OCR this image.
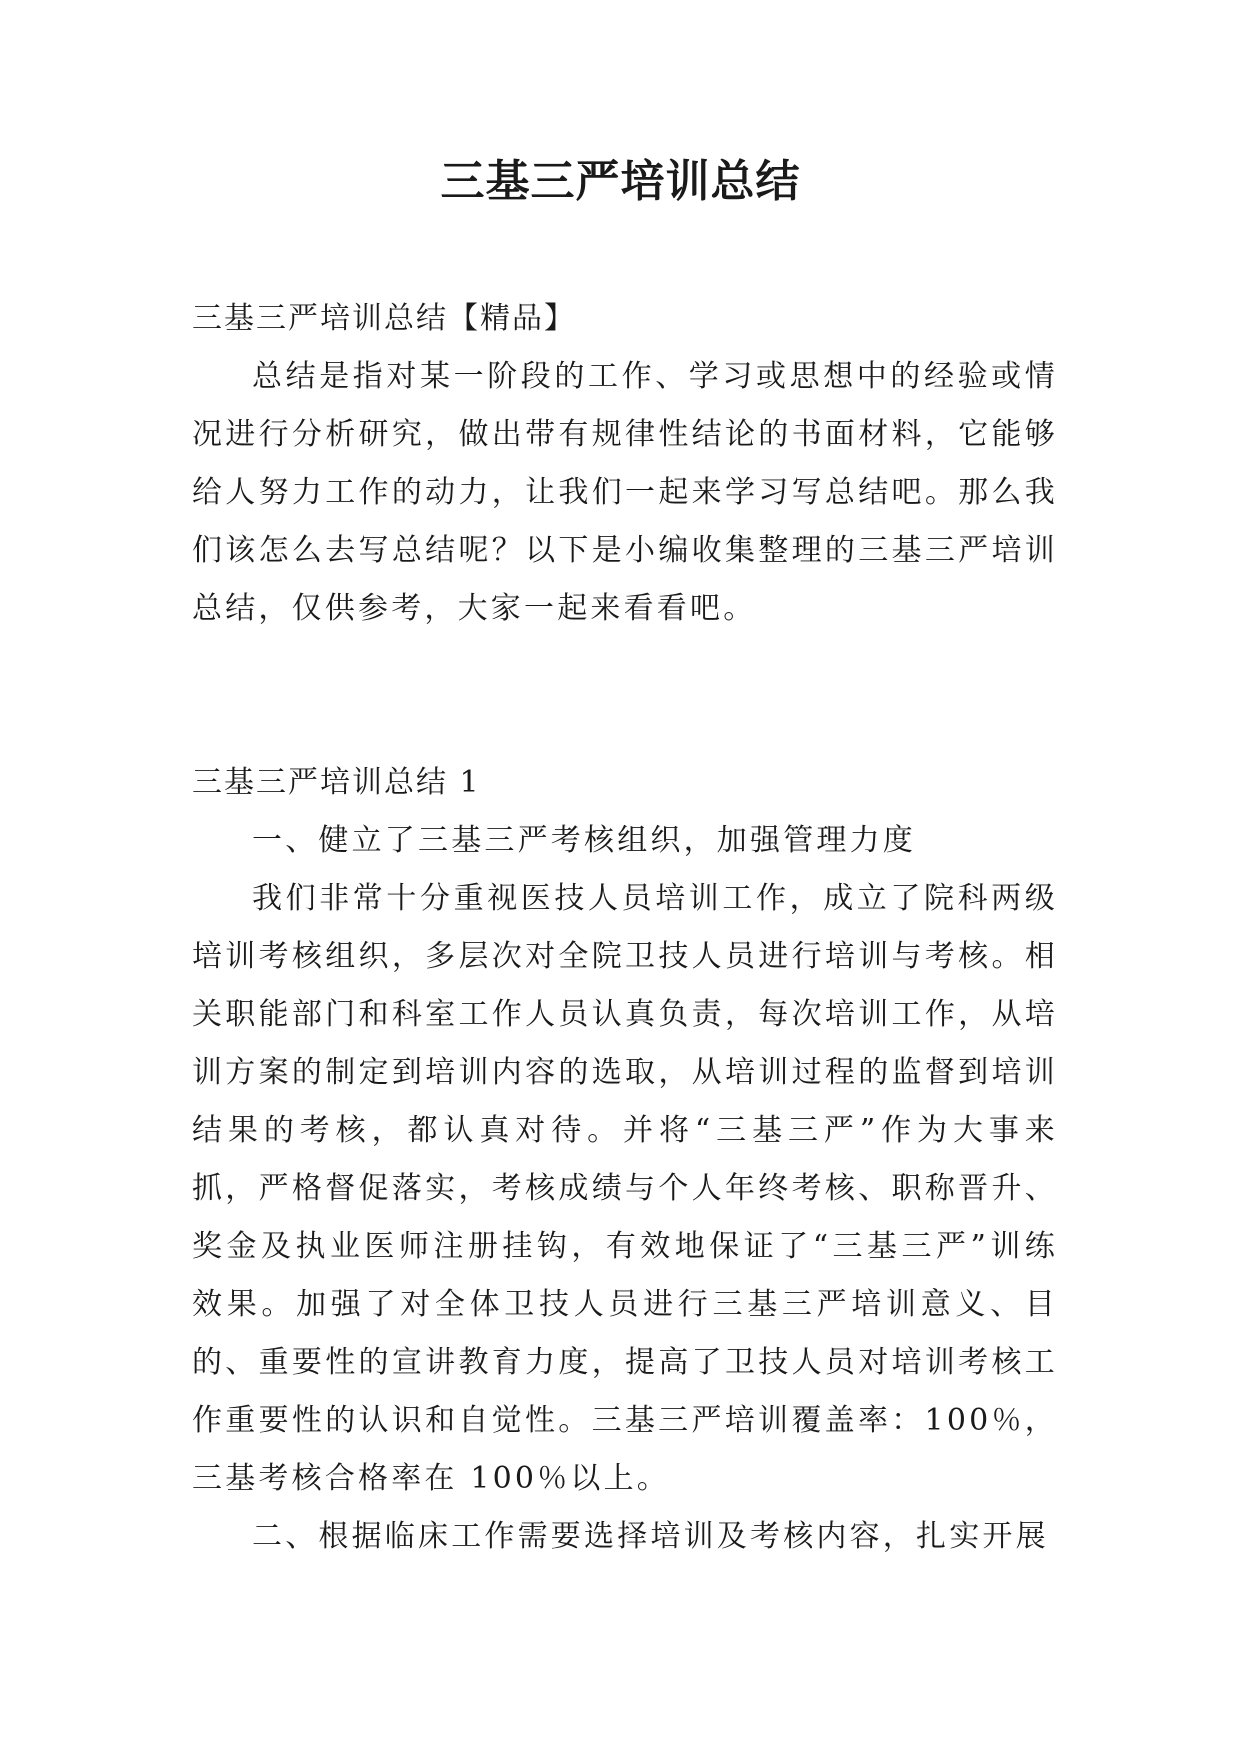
三基三严培训总结

三基三严培训总结【精品】

总结是指对某一阶段的工作、学习或思想中的经验或情况进行分析研究，做出带有规律性结论的书面材料，它能够给人努力工作的动力，让我们一起来学习写总结吧。那么我们该怎么去写总结呢？以下是小编收集整理的三基三严培训总结，仅供参考，大家一起来看看吧。

三基三严培训总结 1

一、健立了三基三严考核组织，加强管理力度

我们非常十分重视医技人员培训工作，成立了院科两级培训考核组织，多层次对全院卫技人员进行培训与考核。相关职能部门和科室工作人员认真负责，每次培训工作，从培训方案的制定到培训内容的选取，从培训过程的监督到培训结果的考核，都认真对待。并将“三基三严”作为大事来抓，严格督促落实，考核成绩与个人年终考核、职称晋升、奖金及执业医师注册挂钩，有效地保证了“三基三严”训练效果。加强了对全体卫技人员进行三基三严培训意义、目的、重要性的宣讲教育力度，提高了卫技人员对培训考核工作重要性的认识和自觉性。三基三严培训覆盖率：100％，三基考核合格率在 100％以上。

二、根据临床工作需要选择培训及考核内容，扎实开展
